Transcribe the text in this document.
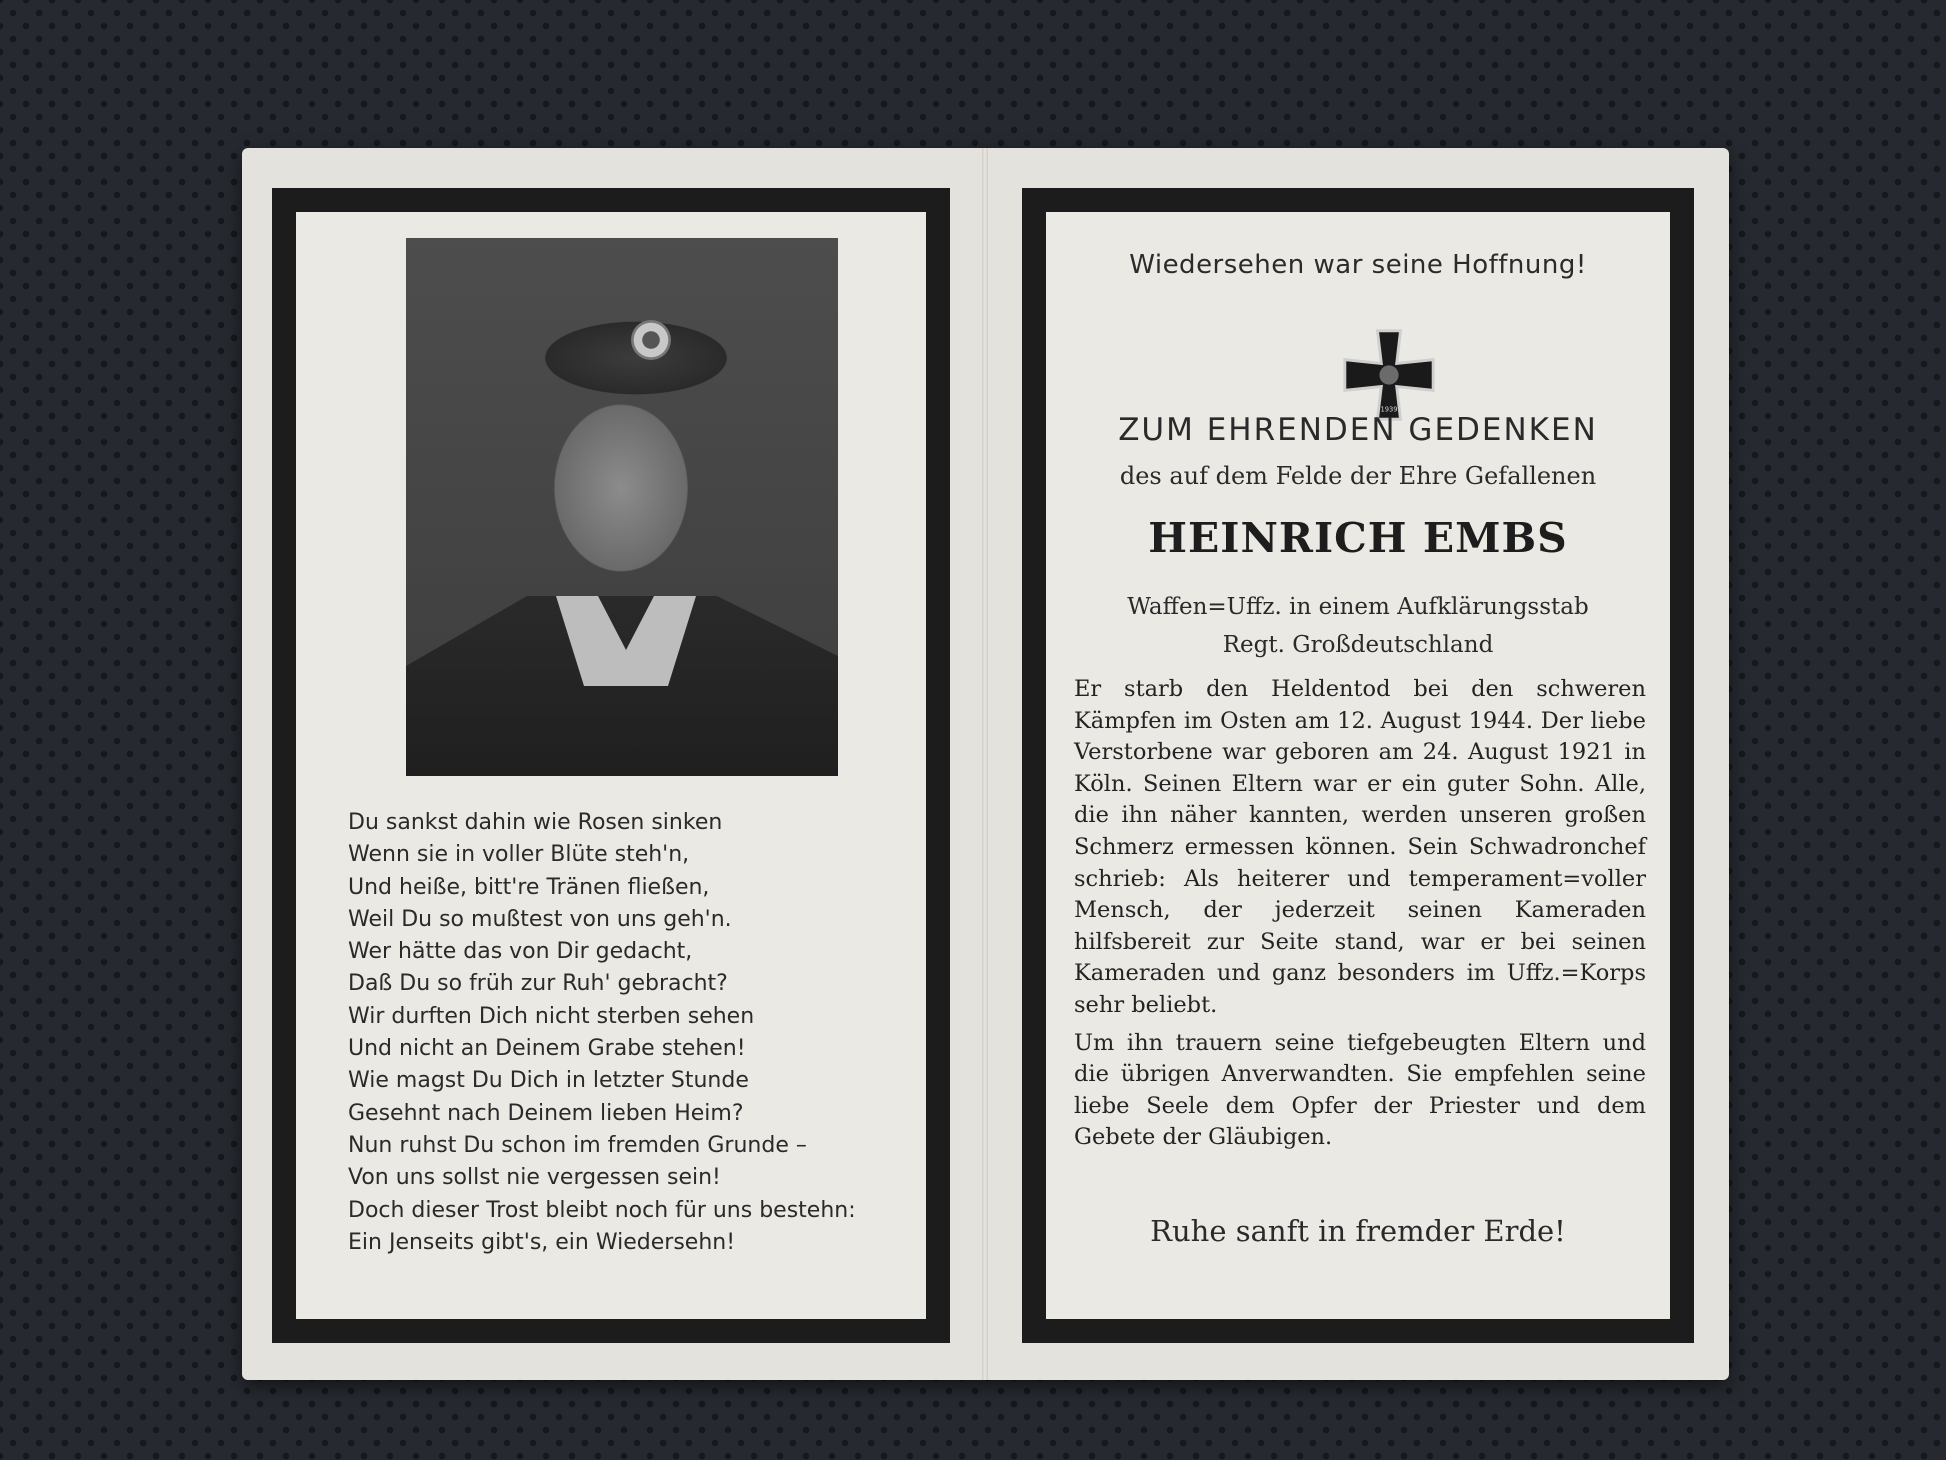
Du sankst dahin wie Rosen sinken
Wenn sie in voller Blüte steh'n,
Und heiße, bitt're Tränen fließen,
Weil Du so mußtest von uns geh'n.
Wer hätte das von Dir gedacht,
Daß Du so früh zur Ruh' gebracht?
Wir durften Dich nicht sterben sehen
Und nicht an Deinem Grabe stehen!
Wie magst Du Dich in letzter Stunde
Gesehnt nach Deinem lieben Heim?
Nun ruhst Du schon im fremden Grunde –
Von uns sollst nie vergessen sein!
Doch dieser Trost bleibt noch für uns bestehn:
Ein Jenseits gibt's, ein Wiedersehn!
Wiedersehen war seine Hoffnung!
1939
ZUM EHRENDEN GEDENKEN
des auf dem Felde der Ehre Gefallenen
HEINRICH EMBS
Waffen=Uffz. in einem Aufklärungsstab
Regt. Großdeutschland

Er starb den Heldentod bei den schweren Kämpfen im Osten am 12. August 1944. Der liebe Verstorbene war geboren am 24. August 1921 in Köln. Seinen Eltern war er ein guter Sohn. Alle, die ihn näher kannten, werden unseren großen Schmerz ermessen können. Sein Schwadronchef schrieb: Als heiterer und temperament=voller Mensch, der jederzeit seinen Kameraden hilfsbereit zur Seite stand, war er bei seinen Kameraden und ganz besonders im Uffz.=Korps sehr beliebt.

Um ihn trauern seine tiefgebeugten Eltern und die übrigen Anverwandten. Sie empfehlen seine liebe Seele dem Opfer der Priester und dem Gebete der Gläubigen.

Ruhe sanft in fremder Erde!
